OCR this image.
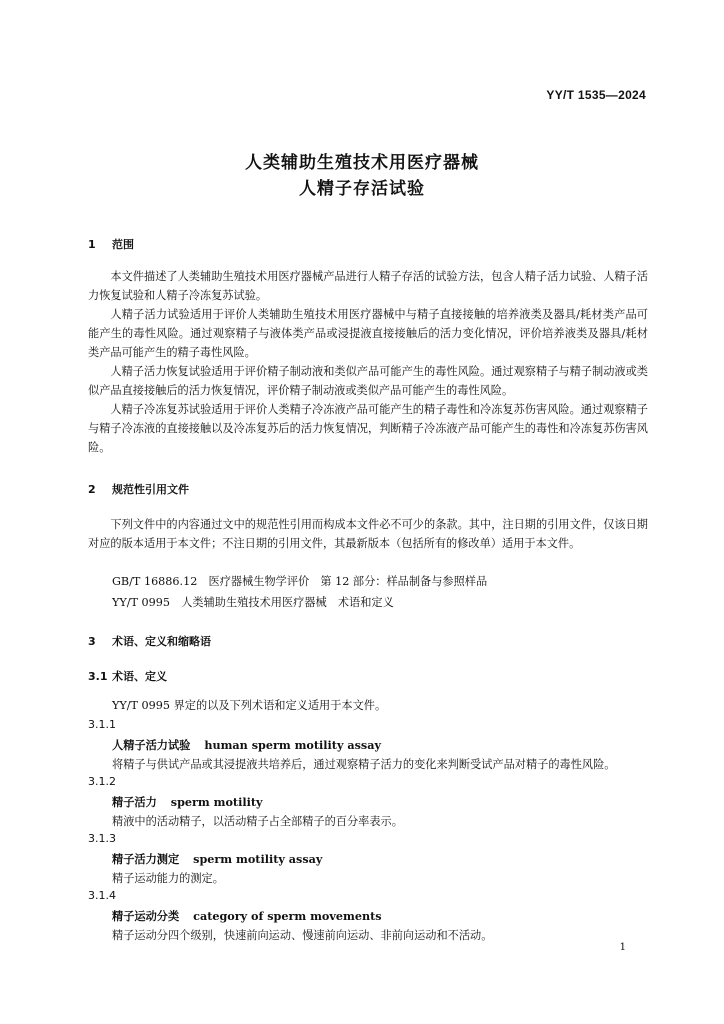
YY/T 1535—2024
人类辅助生殖技术用医疗器械
人精子存活试验
1 范围

本文件描述了人类辅助生殖技术用医疗器械产品进行人精子存活的试验方法，包含人精子活力试验、人精子活力恢复试验和人精子冷冻复苏试验。

人精子活力试验适用于评价人类辅助生殖技术用医疗器械中与精子直接接触的培养液类及器具/耗材类产品可能产生的毒性风险。通过观察精子与液体类产品或浸提液直接接触后的活力变化情况，评价培养液类及器具/耗材类产品可能产生的精子毒性风险。

人精子活力恢复试验适用于评价精子制动液和类似产品可能产生的毒性风险。通过观察精子与精子制动液或类似产品直接接触后的活力恢复情况，评价精子制动液或类似产品可能产生的毒性风险。

人精子冷冻复苏试验适用于评价人类精子冷冻液产品可能产生的精子毒性和冷冻复苏伤害风险。通过观察精子与精子冷冻液的直接接触以及冷冻复苏后的活力恢复情况，判断精子冷冻液产品可能产生的毒性和冷冻复苏伤害风险。

2 规范性引用文件

下列文件中的内容通过文中的规范性引用而构成本文件必不可少的条款。其中，注日期的引用文件，仅该日期对应的版本适用于本文件；不注日期的引用文件，其最新版本（包括所有的修改单）适用于本文件。

GB/T 16886.12　医疗器械生物学评价　第 12 部分：样品制备与参照样品
YY/T 0995　人类辅助生殖技术用医疗器械　术语和定义
3 术语、定义和缩略语
3.1 术语、定义
YY/T 0995 界定的以及下列术语和定义适用于本文件。
3.1.1
人精子活力试验 human sperm motility assay
将精子与供试产品或其浸提液共培养后，通过观察精子活力的变化来判断受试产品对精子的毒性风险。
3.1.2
精子活力 sperm motility
精液中的活动精子，以活动精子占全部精子的百分率表示。
3.1.3
精子活力测定 sperm motility assay
精子运动能力的测定。
3.1.4
精子运动分类 category of sperm movements
精子运动分四个级别，快速前向运动、慢速前向运动、非前向运动和不活动。
1
